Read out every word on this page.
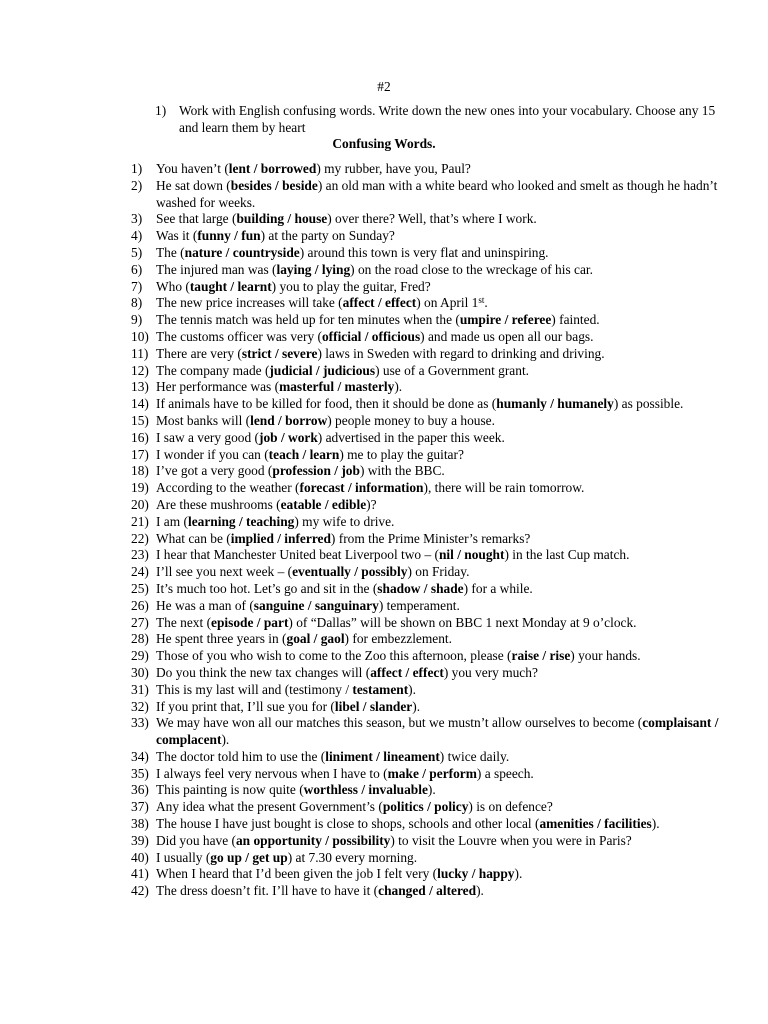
#2
1) Work with English confusing words. Write down the new ones into your vocabulary. Choose any 15 and learn them by heart
Confusing Words.
1) You haven’t (lent / borrowed) my rubber, have you, Paul?
2) He sat down (besides / beside) an old man with a white beard who looked and smelt as though he hadn’t washed for weeks.
3) See that large (building / house) over there? Well, that’s where I work.
4) Was it (funny / fun) at the party on Sunday?
5) The (nature / countryside) around this town is very flat and uninspiring.
6) The injured man was (laying / lying) on the road close to the wreckage of his car.
7) Who (taught / learnt) you to play the guitar, Fred?
8) The new price increases will take (affect / effect) on April 1st.
9) The tennis match was held up for ten minutes when the (umpire / referee) fainted.
10) The customs officer was very (official / officious) and made us open all our bags.
11) There are very (strict / severe) laws in Sweden with regard to drinking and driving.
12) The company made (judicial / judicious) use of a Government grant.
13) Her performance was (masterful / masterly).
14) If animals have to be killed for food, then it should be done as (humanly / humanely) as possible.
15) Most banks will (lend / borrow) people money to buy a house.
16) I saw a very good (job / work) advertised in the paper this week.
17) I wonder if you can (teach / learn) me to play the guitar?
18) I’ve got a very good (profession / job) with the BBC.
19) According to the weather (forecast / information), there will be rain tomorrow.
20) Are these mushrooms (eatable / edible)?
21) I am (learning / teaching) my wife to drive.
22) What can be (implied / inferred) from the Prime Minister’s remarks?
23) I hear that Manchester United beat Liverpool two – (nil / nought) in the last Cup match.
24) I’ll see you next week – (eventually / possibly) on Friday.
25) It’s much too hot. Let’s go and sit in the (shadow / shade) for a while.
26) He was a man of (sanguine / sanguinary) temperament.
27) The next (episode / part) of “Dallas” will be shown on BBC 1 next Monday at 9 o’clock.
28) He spent three years in (goal / gaol) for embezzlement.
29) Those of you who wish to come to the Zoo this afternoon, please (raise / rise) your hands.
30) Do you think the new tax changes will (affect / effect) you very much?
31) This is my last will and (testimony / testament).
32) If you print that, I’ll sue you for (libel / slander).
33) We may have won all our matches this season, but we mustn’t allow ourselves to become (complaisant / complacent).
34) The doctor told him to use the (liniment / lineament) twice daily.
35) I always feel very nervous when I have to (make / perform) a speech.
36) This painting is now quite (worthless / invaluable).
37) Any idea what the present Government’s (politics / policy) is on defence?
38) The house I have just bought is close to shops, schools and other local (amenities / facilities).
39) Did you have (an opportunity / possibility) to visit the Louvre when you were in Paris?
40) I usually (go up / get up) at 7.30 every morning.
41) When I heard that I’d been given the job I felt very (lucky / happy).
42) The dress doesn’t fit. I’ll have to have it (changed / altered).
